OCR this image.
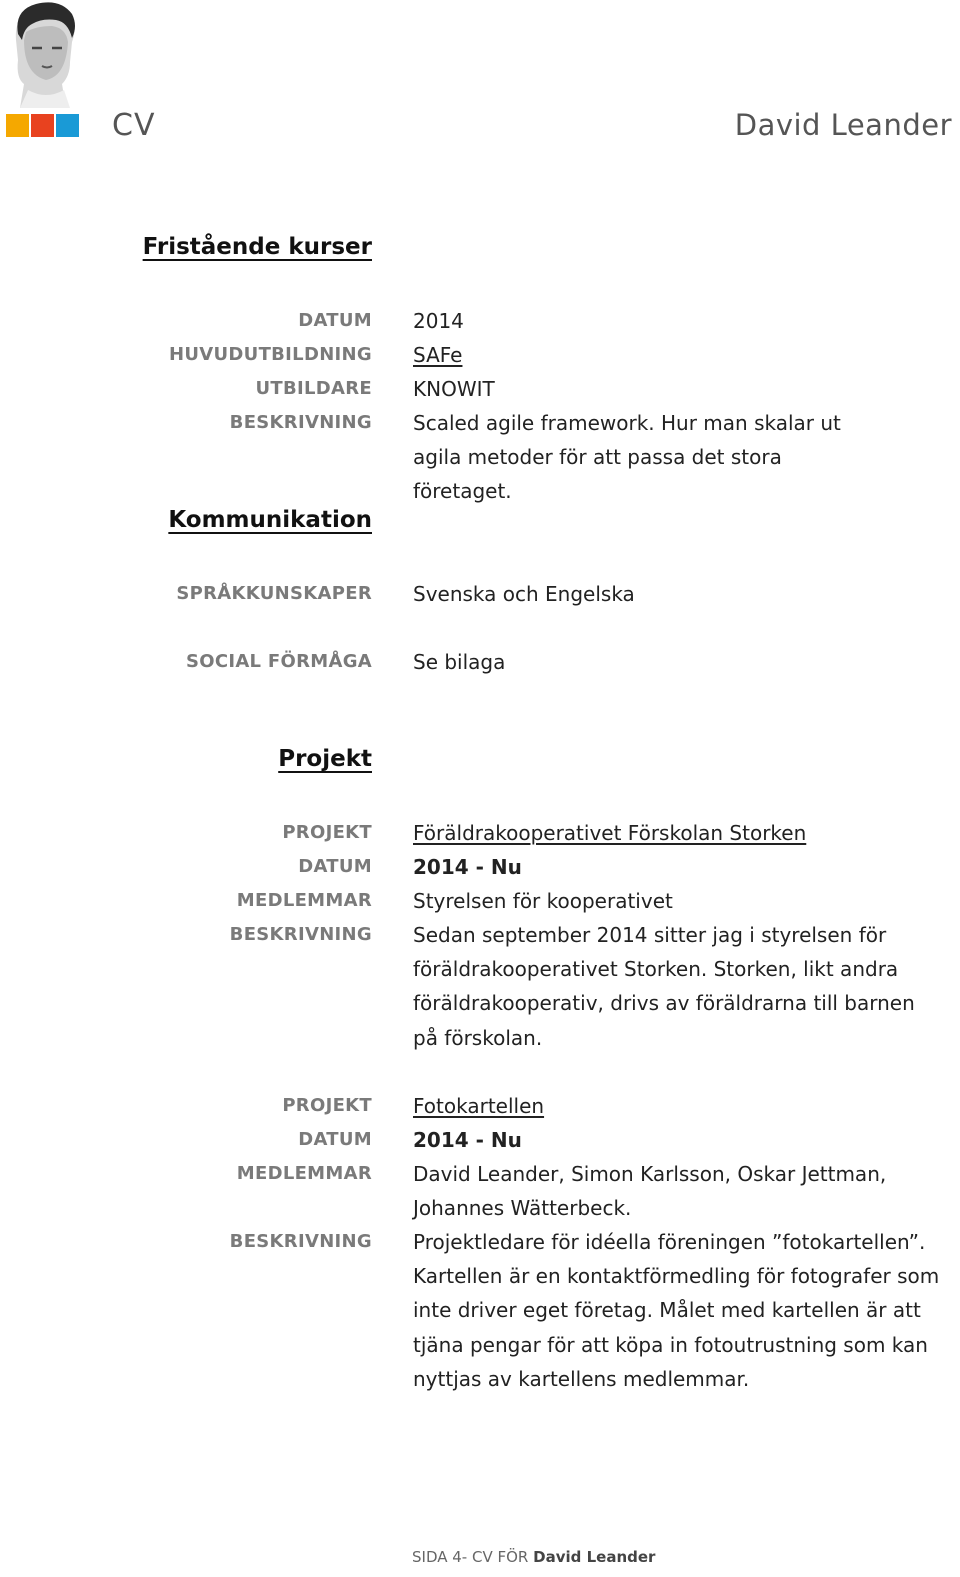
CV	David Leander
Fristående kurser
DATUM 2014
HUVUDUTBILDNING SAFe
UTBILDARE KNOWIT
BESKRIVNING Scaled agile framework. Hur man skalar ut agila metoder för att passa det stora företaget.
Kommunikation
SPRÅKKUNSKAPER Svenska och Engelska
SOCIAL FÖRMÅGA Se bilaga
Projekt
PROJEKT Föräldrakooperativet Förskolan Storken
DATUM 2014 - Nu
MEDLEMMAR Styrelsen för kooperativet
BESKRIVNING Sedan september 2014 sitter jag i styrelsen för föräldrakooperativet Storken. Storken, likt andra föräldrakooperativ, drivs av föräldrarna till barnen på förskolan.
PROJEKT Fotokartellen
DATUM 2014 - Nu
MEDLEMMAR David Leander, Simon Karlsson, Oskar Jettman, Johannes Wätterbeck.
BESKRIVNING Projektledare för idéella föreningen ”fotokartellen”. Kartellen är en kontaktförmedling för fotografer som inte driver eget företag. Målet med kartellen är att tjäna pengar för att köpa in fotoutrustning som kan nyttjas av kartellens medlemmar.
SIDA 4- CV FÖR David Leander
